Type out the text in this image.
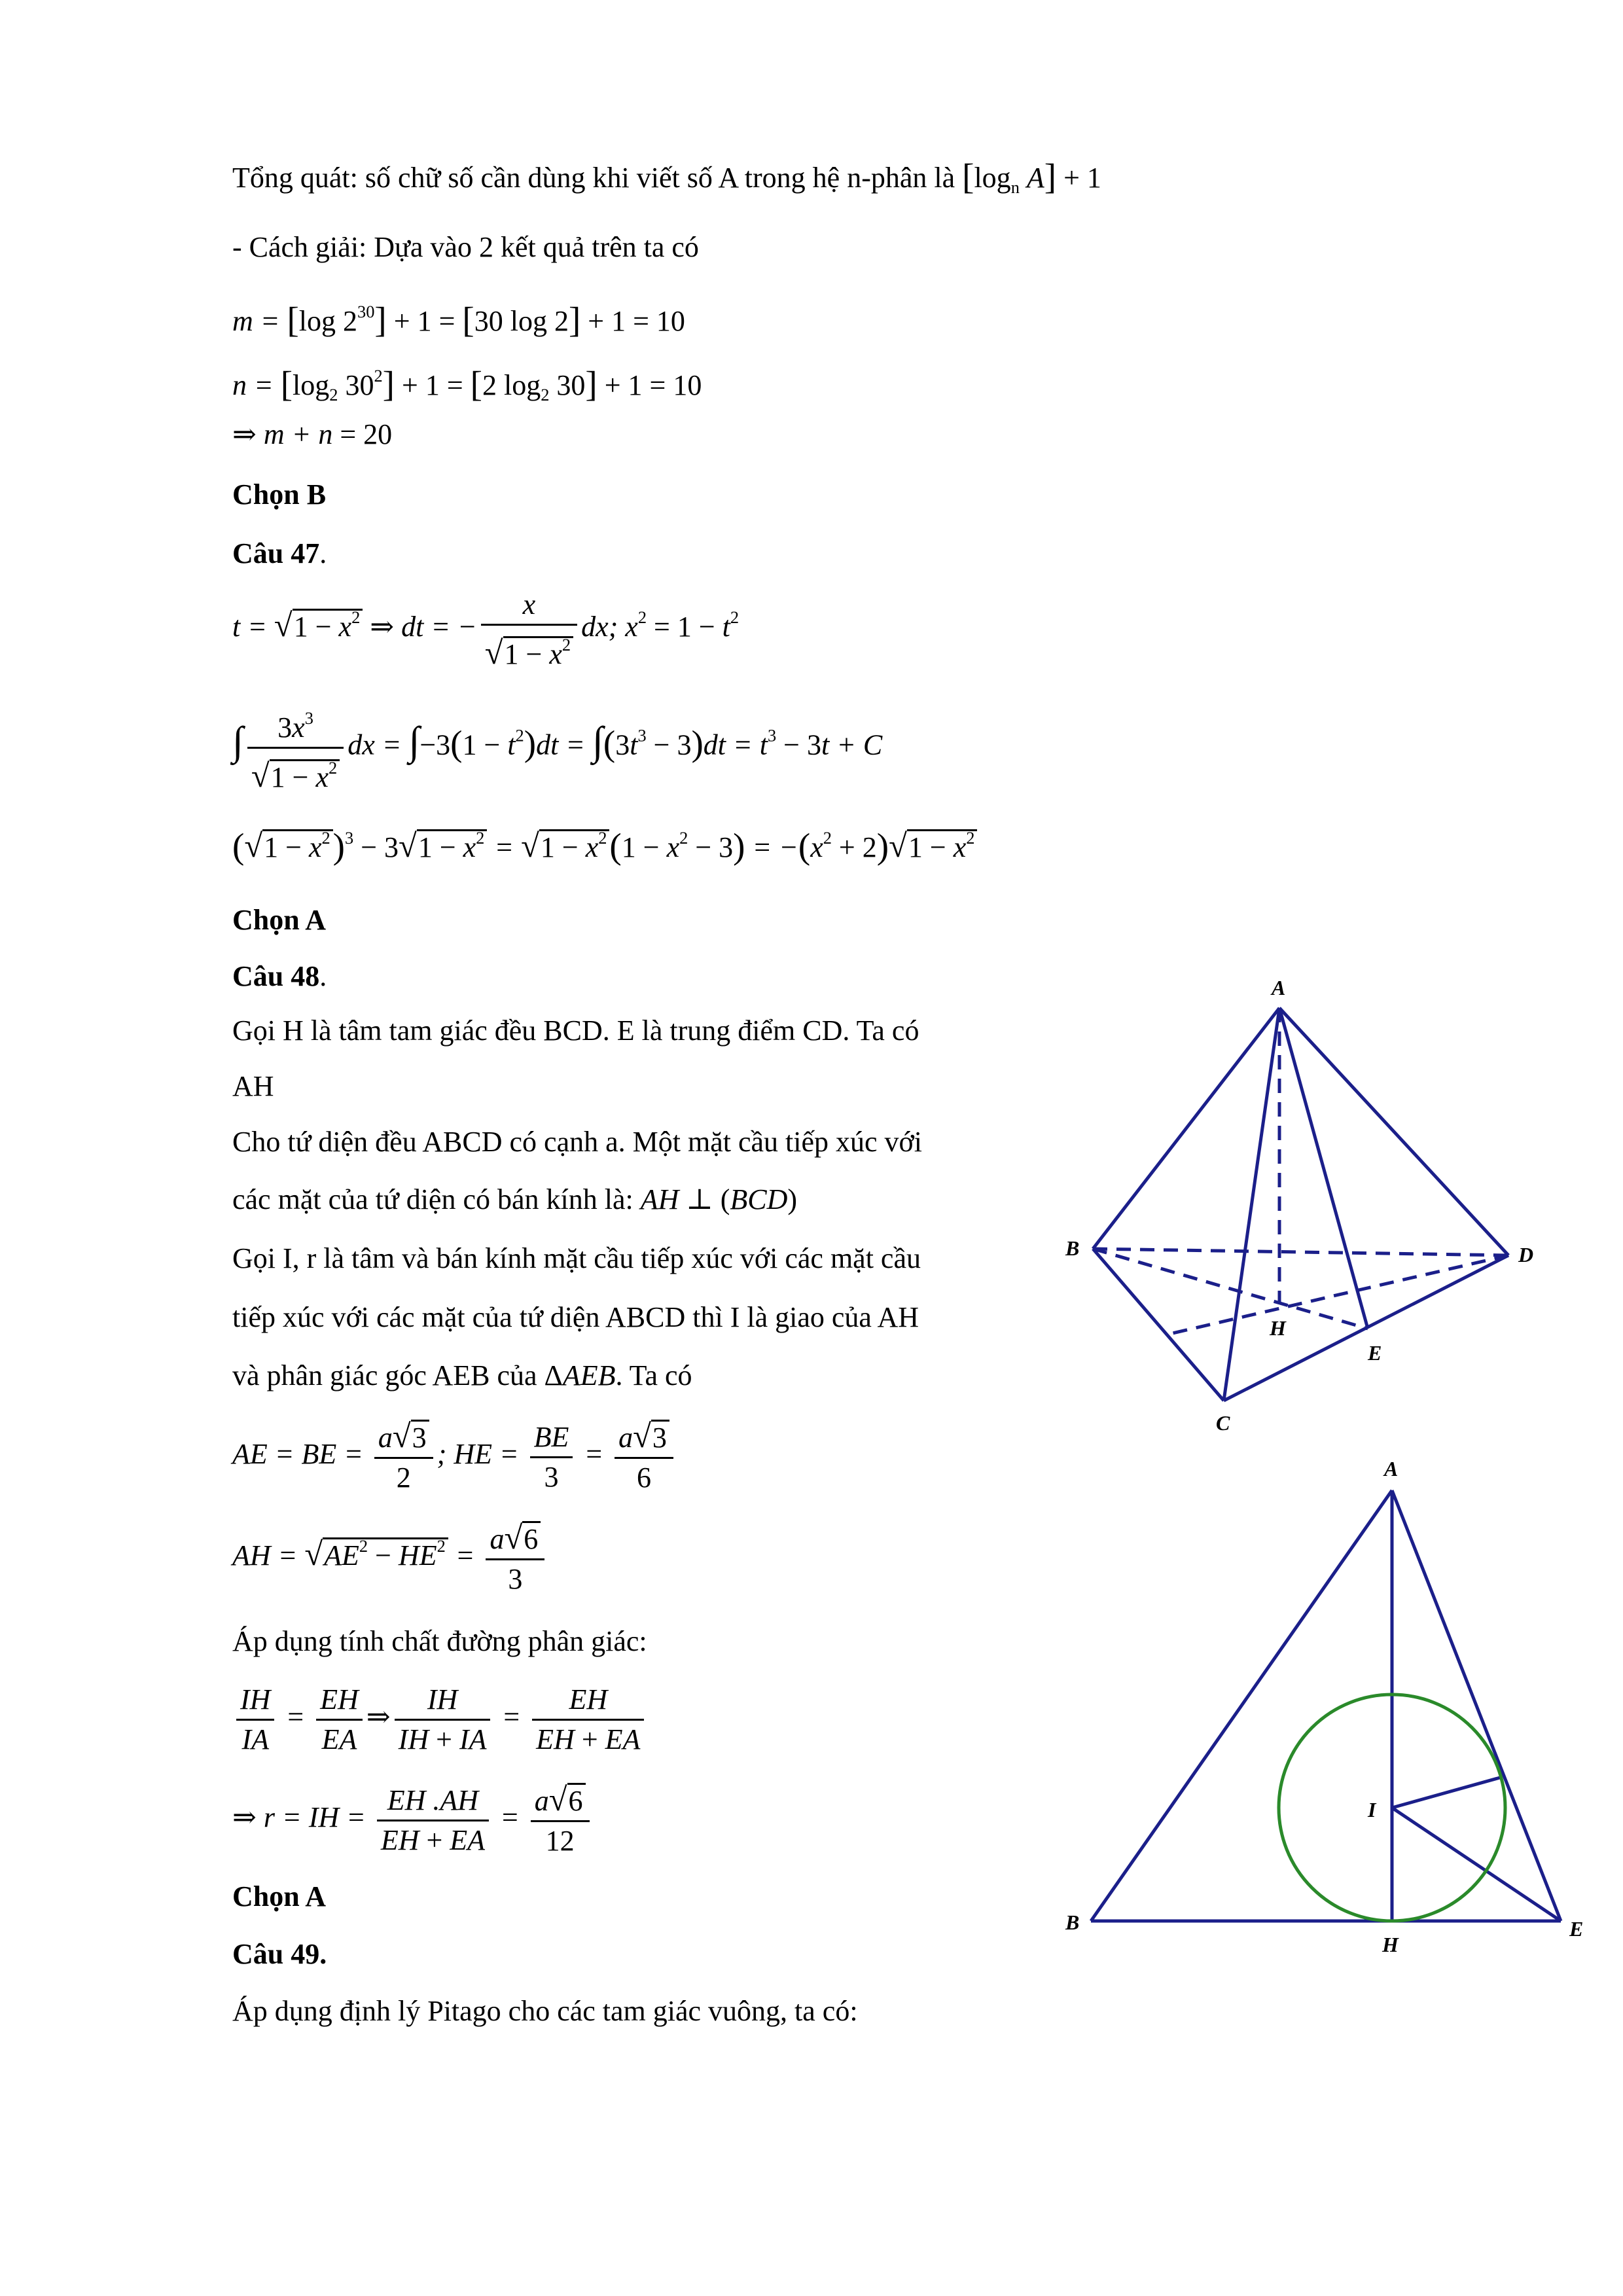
Tổng quát: số chữ số cần dùng khi viết số A trong hệ n-phân là [$\log_n$ A] + 1
- Cách giải: Dựa vào 2 kết quả trên ta có
m = [log $2^{30}] + 1 = [30$ log 2] + 1 = 10
$n = [\log_2$ $30^2] + 1 = [2$ $\log_2 30] + 1 = 10$
⇒ m + n = 20
Chọn B
Câu 47.
$t = √1 - x^2$ ⇒ dt = − $\frac{x}{√1 - x^2}$ dx; $x^2 = 1 - t^2$
∫ $\frac{3x^3}{√1 - x^2}$ dx = $\int-3(1 - t^2)dt = \int(3t^3 - 3)dt = t^3 - 3t + C$
$(√1 - x^2)^3 - 3√1 - x^2 = √1 - x^2(1 - x^2 - 3) = -(x^2 + 2)√1 - x^2$
Chọn A
Câu 48.
Gọi H là tâm tam giác đều BCD. E là trung điểm CD. Ta có
AH
Cho tứ diện đều ABCD có cạnh a. Một mặt cầu tiếp xúc với
các mặt của tứ diện có bán kính là: AH ⊥ (BCD)
Gọi I, r là tâm và bán kính mặt cầu tiếp xúc với các mặt cầu
tiếp xúc với các mặt của tứ diện ABCD thì I là giao của AH
và phân giác góc AEB của ΔAEB. Ta có
AE = BE = $\frac{a√3}{2}$ ; HE = $\frac{BE}{3} = \frac{a√3}{6}$
AH = $√AE^2 - HE^2 = \frac{a√6}{3}$
Áp dụng tính chất đường phân giác:
$\frac{IH}{IA} = \frac{EH}{EA}$ ⇒ $\frac{IH}{IH + IA} = \frac{EH}{EH + EA}$
⇒ r = IH = $\frac{EH .AH}{EH + EA} = \frac{a√6}{12}$
Chọn A
Câu 49.
Áp dụng định lý Pitago cho các tam giác vuông, ta có:
A
B
C
D
H
E
A
B
H
E
I
